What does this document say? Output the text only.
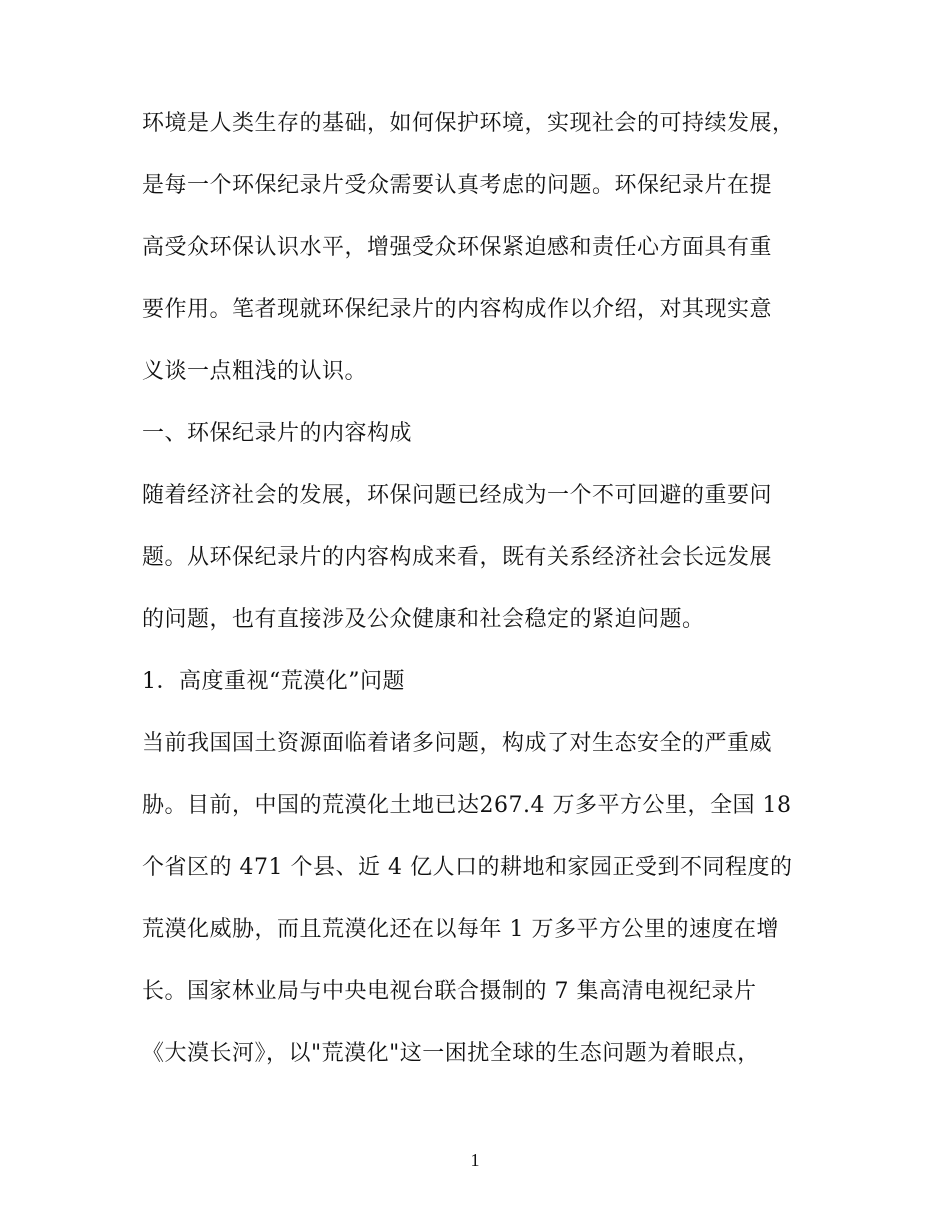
环境是人类生存的基础，如何保护环境，实现社会的可持续发展，
是每一个环保纪录片受众需要认真考虑的问题。环保纪录片在提
高受众环保认识水平，增强受众环保紧迫感和责任心方面具有重
要作用。笔者现就环保纪录片的内容构成作以介绍，对其现实意
义谈一点粗浅的认识。
一、环保纪录片的内容构成
随着经济社会的发展，环保问题已经成为一个不可回避的重要问
题。从环保纪录片的内容构成来看，既有关系经济社会长远发展
的问题，也有直接涉及公众健康和社会稳定的紧迫问题。
1．高度重视“荒漠化”问题
当前我国国土资源面临着诸多问题，构成了对生态安全的严重威
胁。目前，中国的荒漠化土地已达267.4 万多平方公里，全国 18
个省区的 471 个县、近 4 亿人口的耕地和家园正受到不同程度的
荒漠化威胁，而且荒漠化还在以每年 1 万多平方公里的速度在增
长。国家林业局与中央电视台联合摄制的 7 集高清电视纪录片
《大漠长河》，以"荒漠化"这一困扰全球的生态问题为着眼点，
1
